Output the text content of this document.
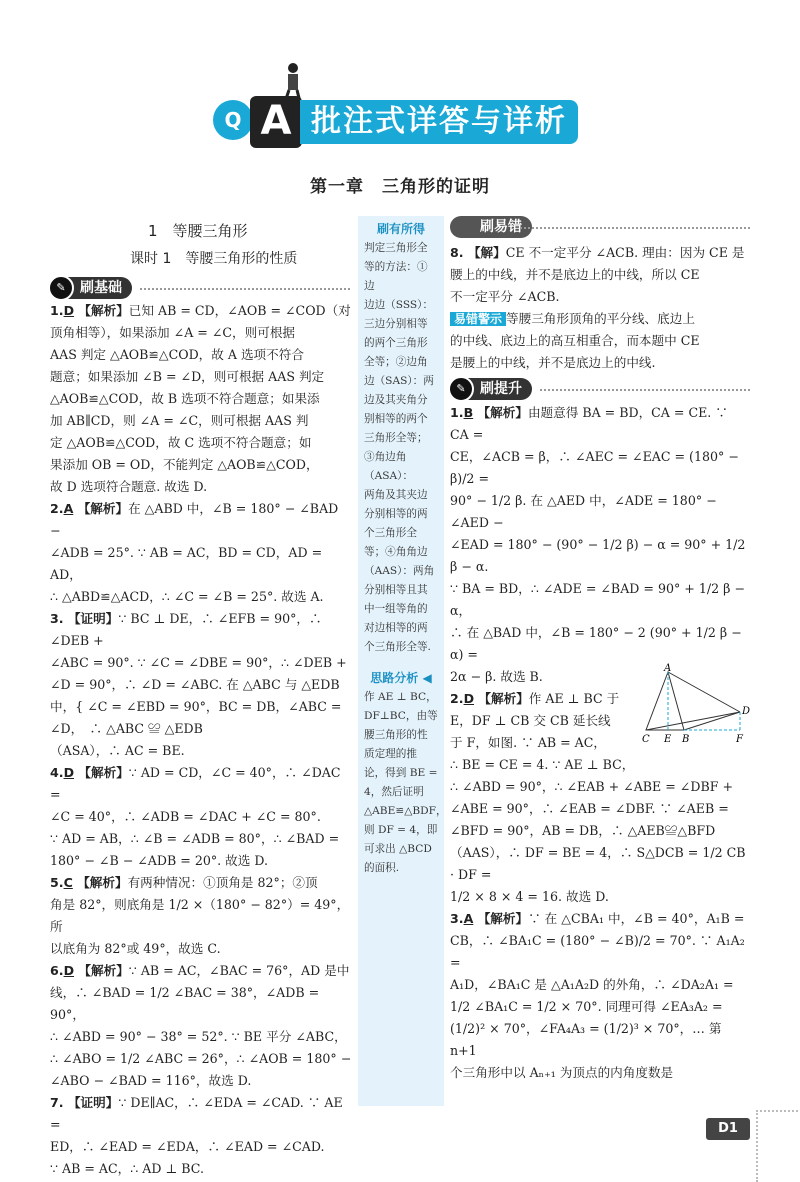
Q A 批注式详答与详析
第一章　三角形的证明
1　等腰三角形
课时 1　等腰三角形的性质
刷基础
✎

1.D 【解析】已知 AB = CD，∠AOB = ∠COD（对

顶角相等），如果添加 ∠A = ∠C，则可根据

AAS 判定 △AOB≌△COD，故 A 选项不符合

题意；如果添加 ∠B = ∠D，则可根据 AAS 判定

△AOB≌△COD，故 B 选项不符合题意；如果添

加 AB∥CD，则 ∠A = ∠C，则可根据 AAS 判

定 △AOB≌△COD，故 C 选项不符合题意；如

果添加 OB = OD，不能判定 △AOB≌△COD，

故 D 选项符合题意. 故选 D.

2.A 【解析】在 △ABD 中，∠B = 180° − ∠BAD −

∠ADB = 25°. ∵ AB = AC，BD = CD，AD = AD，

∴ △ABD≌△ACD，∴ ∠C = ∠B = 25°. 故选 A.

3. 【证明】∵ BC ⊥ DE，∴ ∠EFB = 90°，∴ ∠DEB +

∠ABC = 90°. ∵ ∠C = ∠DBE = 90°，∴ ∠DEB +

∠D = 90°，∴ ∠D = ∠ABC. 在 △ABC 与 △EDB

中，{ ∠C = ∠EBD = 90°，BC = DB，∠ABC = ∠D，　∴ △ABC ≌ △EDB

（ASA），∴ AC = BE.

4.D 【解析】∵ AD = CD，∠C = 40°，∴ ∠DAC =

∠C = 40°，∴ ∠ADB = ∠DAC + ∠C = 80°.

∵ AD = AB，∴ ∠B = ∠ADB = 80°，∴ ∠BAD =

180° − ∠B − ∠ADB = 20°. 故选 D.

5.C 【解析】有两种情况：①顶角是 82°；②顶

角是 82°，则底角是 1/2 ×（180° − 82°）= 49°，所

以底角为 82°或 49°，故选 C.

6.D 【解析】∵ AB = AC，∠BAC = 76°，AD 是中

线，∴ ∠BAD = 1/2 ∠BAC = 38°，∠ADB = 90°，

∴ ∠ABD = 90° − 38° = 52°. ∵ BE 平分 ∠ABC，

∴ ∠ABO = 1/2 ∠ABC = 26°，∴ ∠AOB = 180° −

∠ABO − ∠BAD = 116°，故选 D.

7. 【证明】∵ DE∥AC，∴ ∠EDA = ∠CAD. ∵ AE =

ED，∴ ∠EAD = ∠EDA，∴ ∠EAD = ∠CAD.

∵ AB = AC，∴ AD ⊥ BC.

刷有所得
判定三角形全
等的方法：①边
边边（SSS）：
三边分别相等
的两个三角形
全等；②边角
边（SAS）：两
边及其夹角分
别相等的两个
三角形全等；
③角边角（ASA）：
两角及其夹边
分别相等的两
个三角形全
等；④角角边
（AAS）：两角
分别相等且其
中一组等角的
对边相等的两
个三角形全等.
思路分析 ◀
作 AE ⊥ BC，
DF⊥BC，由等
腰三角形的性
质定理的推
论，得到 BE =
4，然后证明
△ABE≌△BDF，
则 DF = 4，即
可求出 △BCD
的面积.
刷易错

8. 【解】CE 不一定平分 ∠ACB. 理由：因为 CE 是

腰上的中线，并不是底边上的中线，所以 CE

不一定平分 ∠ACB.

易错警示 等腰三角形顶角的平分线、底边上

的中线、底边上的高互相重合，而本题中 CE

是腰上的中线，并不是底边上的中线.

刷提升
✎

1.B 【解析】由题意得 BA = BD，CA = CE. ∵ CA =

CE，∠ACB = β，∴ ∠AEC = ∠EAC = (180° − β)/2 =

90° − 1/2 β. 在 △AED 中，∠ADE = 180° − ∠AED −

∠EAD = 180° − (90° − 1/2 β) − α = 90° + 1/2 β − α.

∵ BA = BD，∴ ∠ADE = ∠BAD = 90° + 1/2 β − α，

∴ 在 △BAD 中，∠B = 180° − 2 (90° + 1/2 β − α) =

2α − β. 故选 B.

2.D 【解析】作 AE ⊥ BC 于

E，DF ⊥ CB 交 CB 延长线

于 F，如图. ∵ AB = AC，

∴ BE = CE = 4. ∵ AE ⊥ BC，

∴ ∠ABD = 90°，∴ ∠EAB + ∠ABE = ∠DBF +

∠ABE = 90°，∴ ∠EAB = ∠DBF. ∵ ∠AEB =

∠BFD = 90°，AB = DB，∴ △AEB≌△BFD

（AAS），∴ DF = BE = 4，∴ S△DCB = 1/2 CB · DF =

1/2 × 8 × 4 = 16. 故选 D.

3.A 【解析】∵ 在 △CBA₁ 中，∠B = 40°，A₁B =

CB，∴ ∠BA₁C = (180° − ∠B)/2 = 70°. ∵ A₁A₂ =

A₁D，∠BA₁C 是 △A₁A₂D 的外角，∴ ∠DA₂A₁ =

1/2 ∠BA₁C = 1/2 × 70°. 同理可得 ∠EA₃A₂ =

(1/2)² × 70°，∠FA₄A₃ = (1/2)³ × 70°，… 第 n+1

个三角形中以 Aₙ₊₁ 为顶点的内角度数是

A
C E B	F
D
D1
